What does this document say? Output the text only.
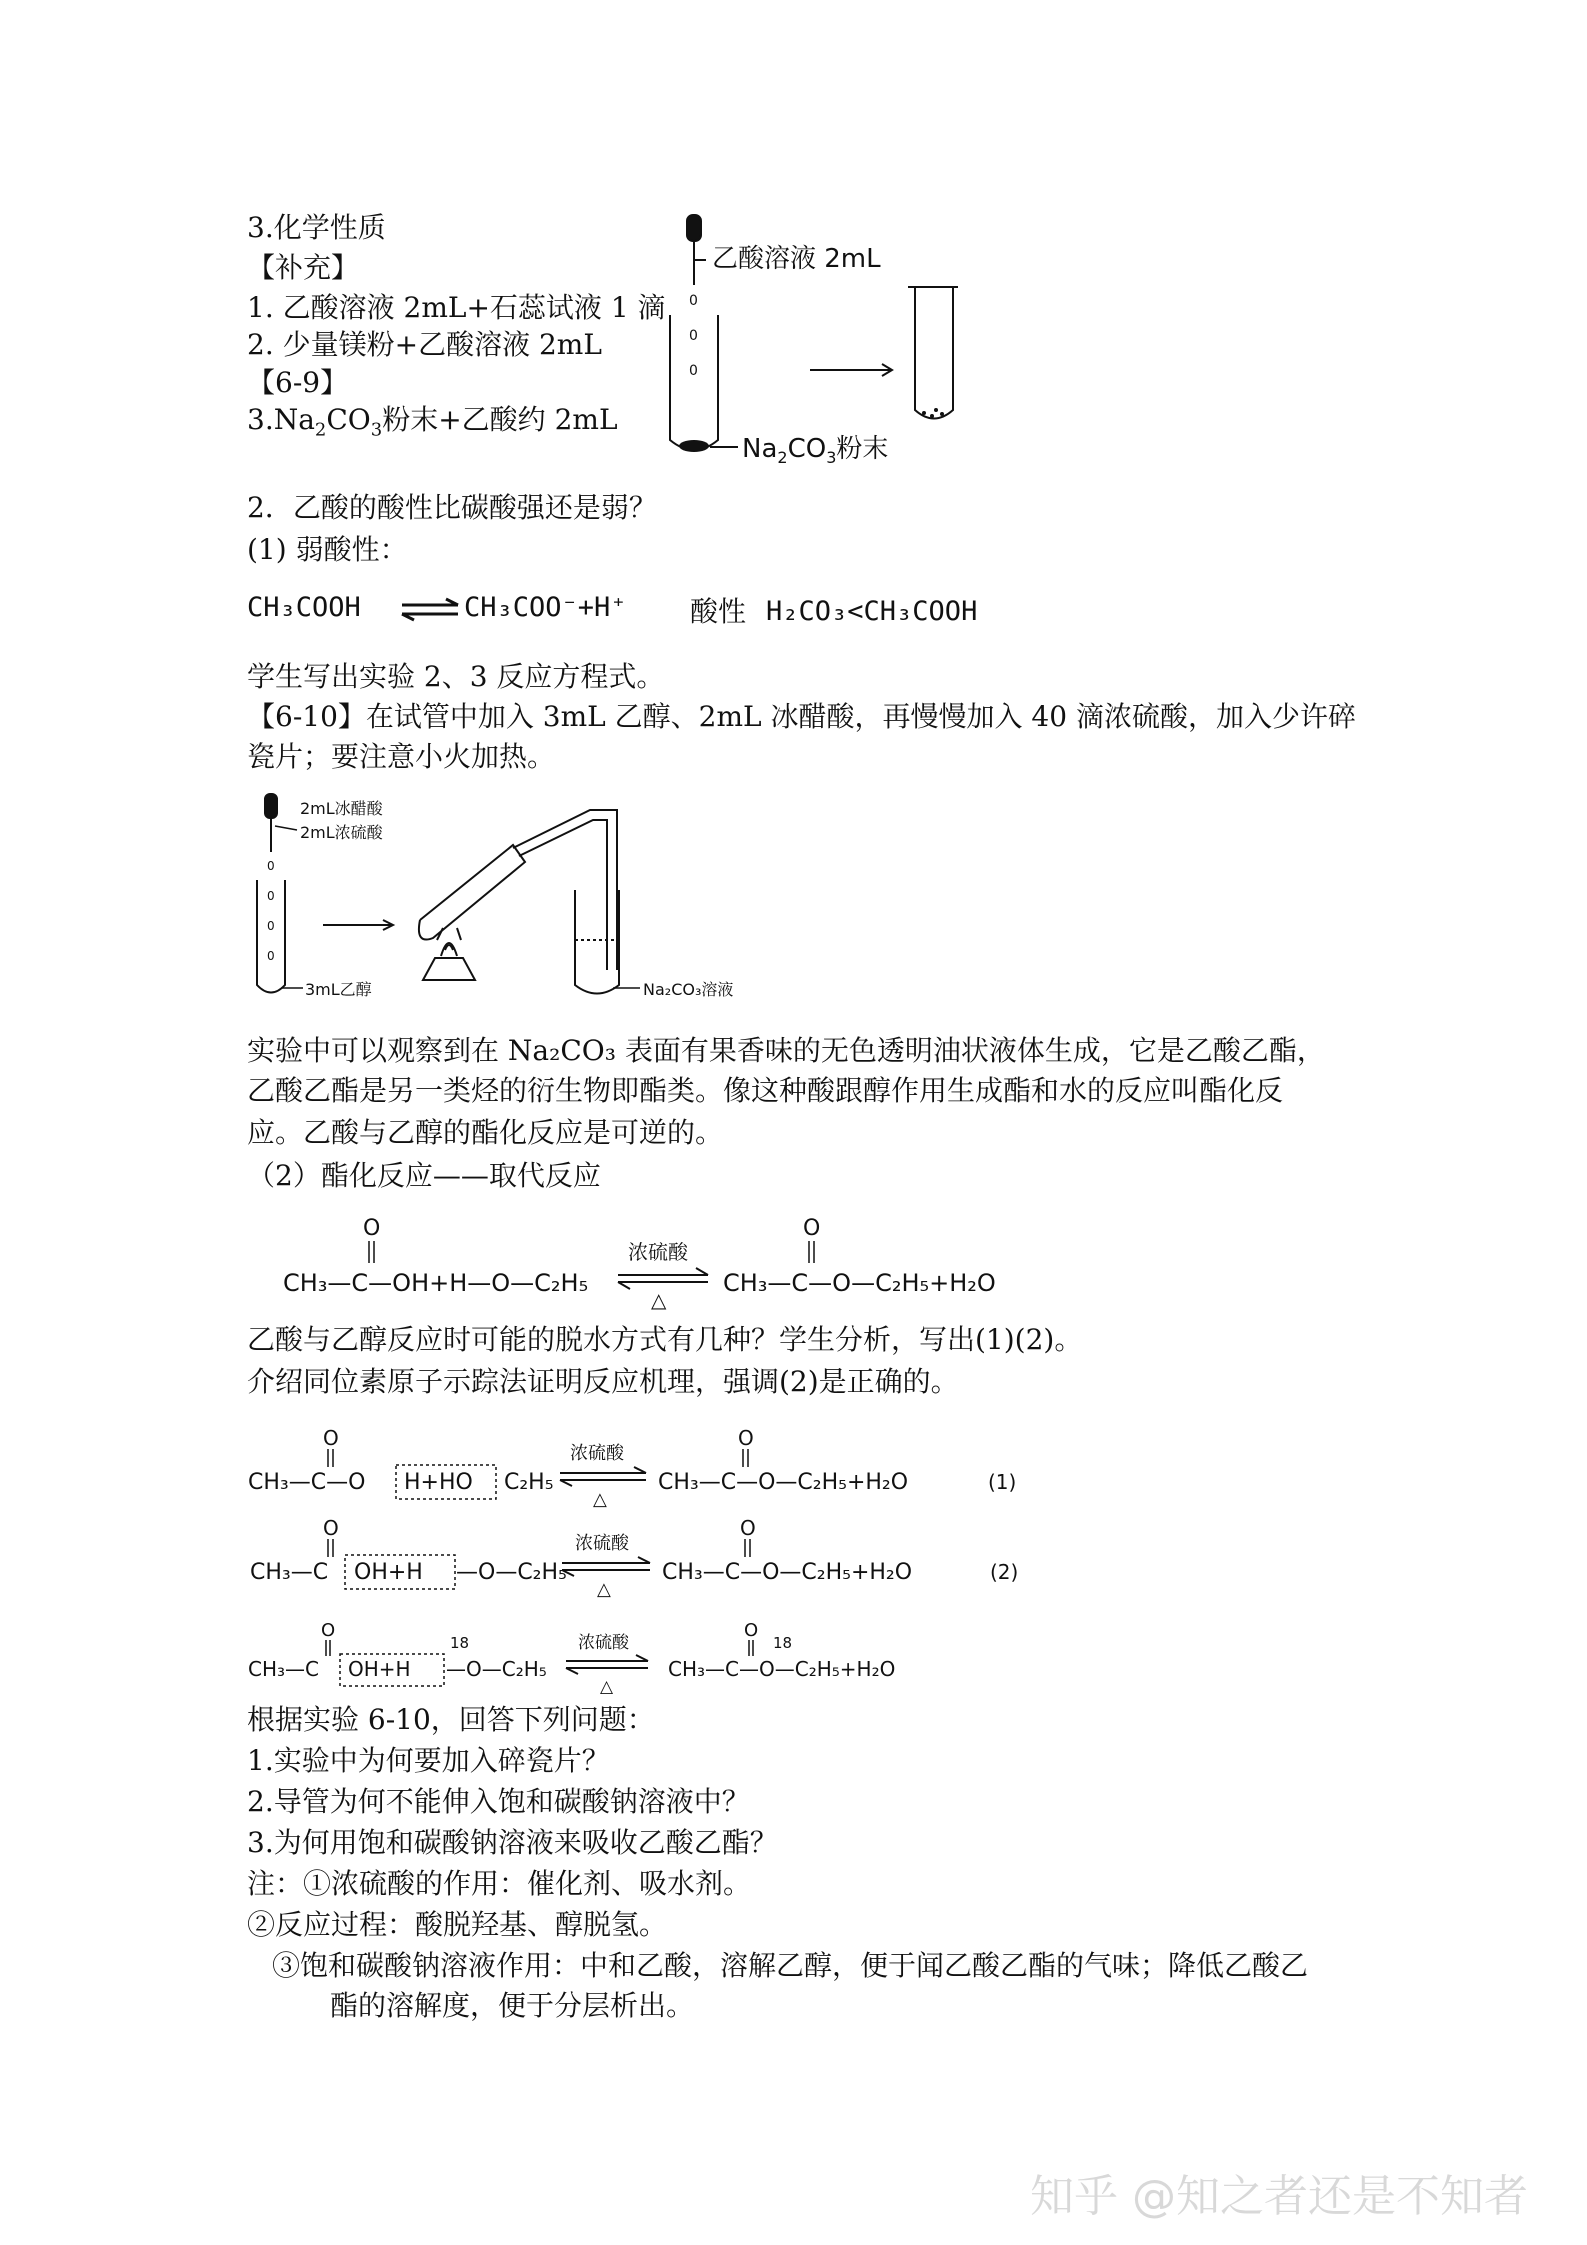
3.化学性质
【补充】
1. 乙酸溶液 2mL+石蕊试液 1 滴
2. 少量镁粉+乙酸溶液 2mL
【6-9】
$3.Na_2CO_3$粉末+乙酸约 2mL
乙酸溶液 2mL
0
0
0
$Na_2CO_3$粉末
2．乙酸的酸性比碳酸强还是弱？
(1) 弱酸性：
CH₃COOH ⇌ CH₃COO⁻+H⁺ 酸性 H₂CO₃<CH₃COOH
学生写出实验 2、3 反应方程式。
【6-10】在试管中加入 3mL 乙醇、2mL 冰醋酸，再慢慢加入 40 滴浓硫酸，加入少许碎
瓷片；要注意小火加热。
2mL冰醋酸
2mL浓硫酸
0
0
0
0
3mL乙醇	Na₂CO₃溶液
实验中可以观察到在 Na₂CO₃ 表面有果香味的无色透明油状液体生成，它是乙酸乙酯，
乙酸乙酯是另一类烃的衍生物即酯类。像这种酸跟醇作用生成酯和水的反应叫酯化反
应。乙酸与乙醇的酯化反应是可逆的。
（2）酯化反应——取代反应
O
CH₃—C—OH+H—O—C₂H₅
浓硫酸
△
O
CH₃—C—O—C₂H₅+H₂O
乙酸与乙醇反应时可能的脱水方式有几种？学生分析，写出(1)(2)。
介绍同位素原子示踪法证明反应机理，强调(2)是正确的。
O
CH₃—C—O H+HO C₂H₅
浓硫酸
△
O
CH₃—C—O—C₂H₅+H₂O	(1)
O
CH₃—C OH+H —O—C₂H₅
浓硫酸
△
O
CH₃—C—O—C₂H₅+H₂O	(2)
O
CH₃—C OH+H
18
—O—C₂H₅
浓硫酸
△
O
18
CH₃—C—O—C₂H₅+H₂O
根据实验 6-10，回答下列问题：
1.实验中为何要加入碎瓷片？
2.导管为何不能伸入饱和碳酸钠溶液中？
3.为何用饱和碳酸钠溶液来吸收乙酸乙酯？
注：①浓硫酸的作用：催化剂、吸水剂。
②反应过程：酸脱羟基、醇脱氢。
③饱和碳酸钠溶液作用：中和乙酸，溶解乙醇，便于闻乙酸乙酯的气味；降低乙酸乙
酯的溶解度，便于分层析出。
知乎 @知之者还是不知者
